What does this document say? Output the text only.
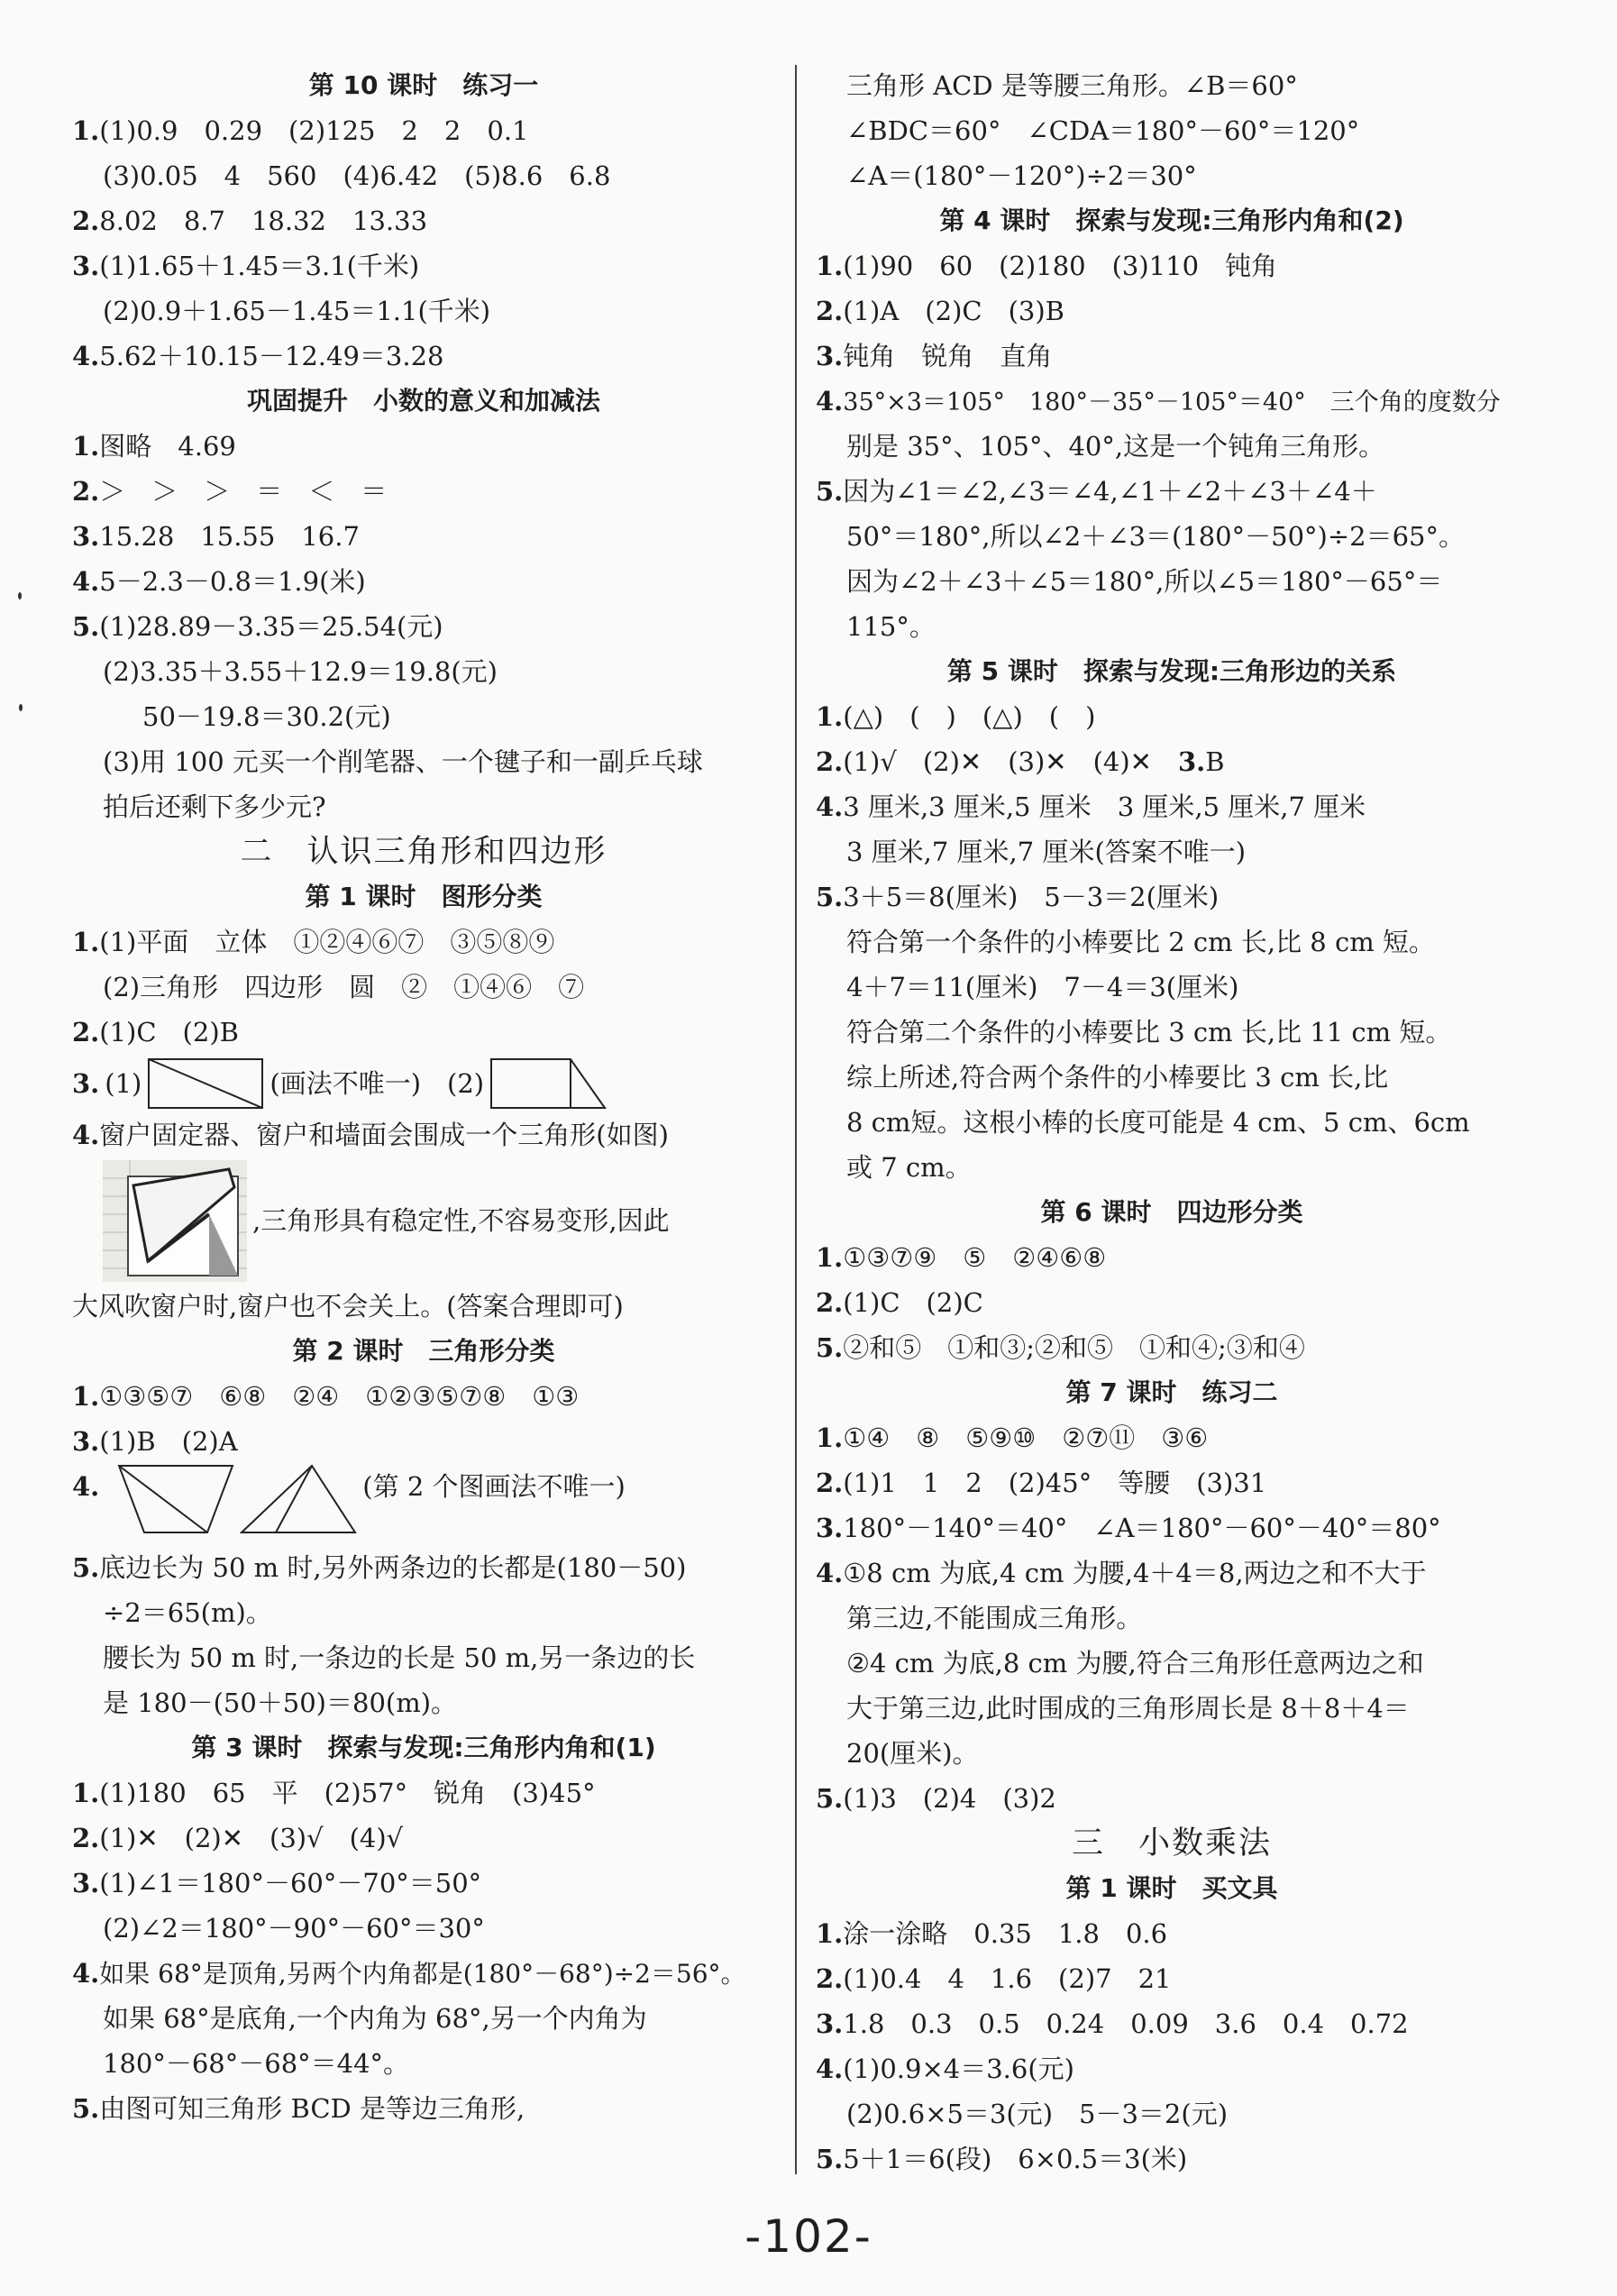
第 10 课时　练习一
1.(1)0.9　0.29　(2)125　2　2　0.1
(3)0.05　4　560　(4)6.42　(5)8.6　6.8
2.8.02　8.7　18.32　13.33
3.(1)1.65＋1.45＝3.1(千米)
(2)0.9＋1.65－1.45＝1.1(千米)
4.5.62＋10.15－12.49＝3.28
巩固提升　小数的意义和加减法
1.图略　4.69
2.＞　＞　＞　＝　＜　＝
3.15.28　15.55　16.7
4.5－2.3－0.8＝1.9(米)
5.(1)28.89－3.35＝25.54(元)
(2)3.35＋3.55＋12.9＝19.8(元)
50－19.8＝30.2(元)
(3)用 100 元买一个削笔器、一个毽子和一副乒乓球
拍后还剩下多少元?
二　认识三角形和四边形
第 1 课时　图形分类
1.(1)平面　立体　①②④⑥⑦　③⑤⑧⑨
(2)三角形　四边形　圆　②　①④⑥　⑦
2.(1)C　(2)B
3. (1)	(画法不唯一)　(2)
4.窗户固定器、窗户和墙面会围成一个三角形(如图)
,三角形具有稳定性,不容易变形,因此
大风吹窗户时,窗户也不会关上。(答案合理即可)
第 2 课时　三角形分类
1.①③⑤⑦　⑥⑧　②④　①②③⑤⑦⑧　①③
3.(1)B　(2)A
4.	(第 2 个图画法不唯一)
5.底边长为 50 m 时,另外两条边的长都是(180－50)
÷2＝65(m)。
腰长为 50 m 时,一条边的长是 50 m,另一条边的长
是 180－(50＋50)＝80(m)。
第 3 课时　探索与发现:三角形内角和(1)
1.(1)180　65　平　(2)57°　锐角　(3)45°
2.(1)✕　(2)✕　(3)√　(4)√
3.(1)∠1＝180°－60°－70°＝50°
(2)∠2＝180°－90°－60°＝30°
4.如果 68°是顶角,另两个内角都是(180°－68°)÷2＝56°。
如果 68°是底角,一个内角为 68°,另一个内角为
180°－68°－68°＝44°。
5.由图可知三角形 BCD 是等边三角形,
三角形 ACD 是等腰三角形。∠B＝60°
∠BDC＝60°　∠CDA＝180°－60°＝120°
∠A＝(180°－120°)÷2＝30°
第 4 课时　探索与发现:三角形内角和(2)
1.(1)90　60　(2)180　(3)110　钝角
2.(1)A　(2)C　(3)B
3.钝角　锐角　直角
4.35°×3＝105°　180°－35°－105°＝40°　三个角的度数分
别是 35°、105°、40°,这是一个钝角三角形。
5.因为∠1＝∠2,∠3＝∠4,∠1＋∠2＋∠3＋∠4＋
50°＝180°,所以∠2＋∠3＝(180°－50°)÷2＝65°。
因为∠2＋∠3＋∠5＝180°,所以∠5＝180°－65°＝
115°。
第 5 课时　探索与发现:三角形边的关系
1.(△)　(　)　(△)　(　)
2.(1)√　(2)✕　(3)✕　(4)✕　 3.B
4.3 厘米,3 厘米,5 厘米　3 厘米,5 厘米,7 厘米
3 厘米,7 厘米,7 厘米(答案不唯一)
5.3＋5＝8(厘米)　5－3＝2(厘米)
符合第一个条件的小棒要比 2 cm 长,比 8 cm 短。
4＋7＝11(厘米)　7－4＝3(厘米)
符合第二个条件的小棒要比 3 cm 长,比 11 cm 短。
综上所述,符合两个条件的小棒要比 3 cm 长,比
8 cm短。这根小棒的长度可能是 4 cm、5 cm、6cm
或 7 cm。
第 6 课时　四边形分类
1.①③⑦⑨　⑤　②④⑥⑧
2.(1)C　(2)C
5.②和⑤　①和③;②和⑤　①和④;③和④
第 7 课时　练习二
1.①④　⑧　⑤⑨⑩　②⑦⑪　③⑥
2.(1)1　1　2　(2)45°　等腰　(3)31
3.180°－140°＝40°　∠A＝180°－60°－40°＝80°
4.①8 cm 为底,4 cm 为腰,4＋4＝8,两边之和不大于
第三边,不能围成三角形。
②4 cm 为底,8 cm 为腰,符合三角形任意两边之和
大于第三边,此时围成的三角形周长是 8＋8＋4＝
20(厘米)。
5.(1)3　(2)4　(3)2
三　小数乘法
第 1 课时　买文具
1.涂一涂略　0.35　1.8　0.6
2.(1)0.4　4　1.6　(2)7　21
3.1.8　0.3　0.5　0.24　0.09　3.6　0.4　0.72
4.(1)0.9×4＝3.6(元)
(2)0.6×5＝3(元)　5－3＝2(元)
5.5＋1＝6(段)　6×0.5＝3(米)
-102-
